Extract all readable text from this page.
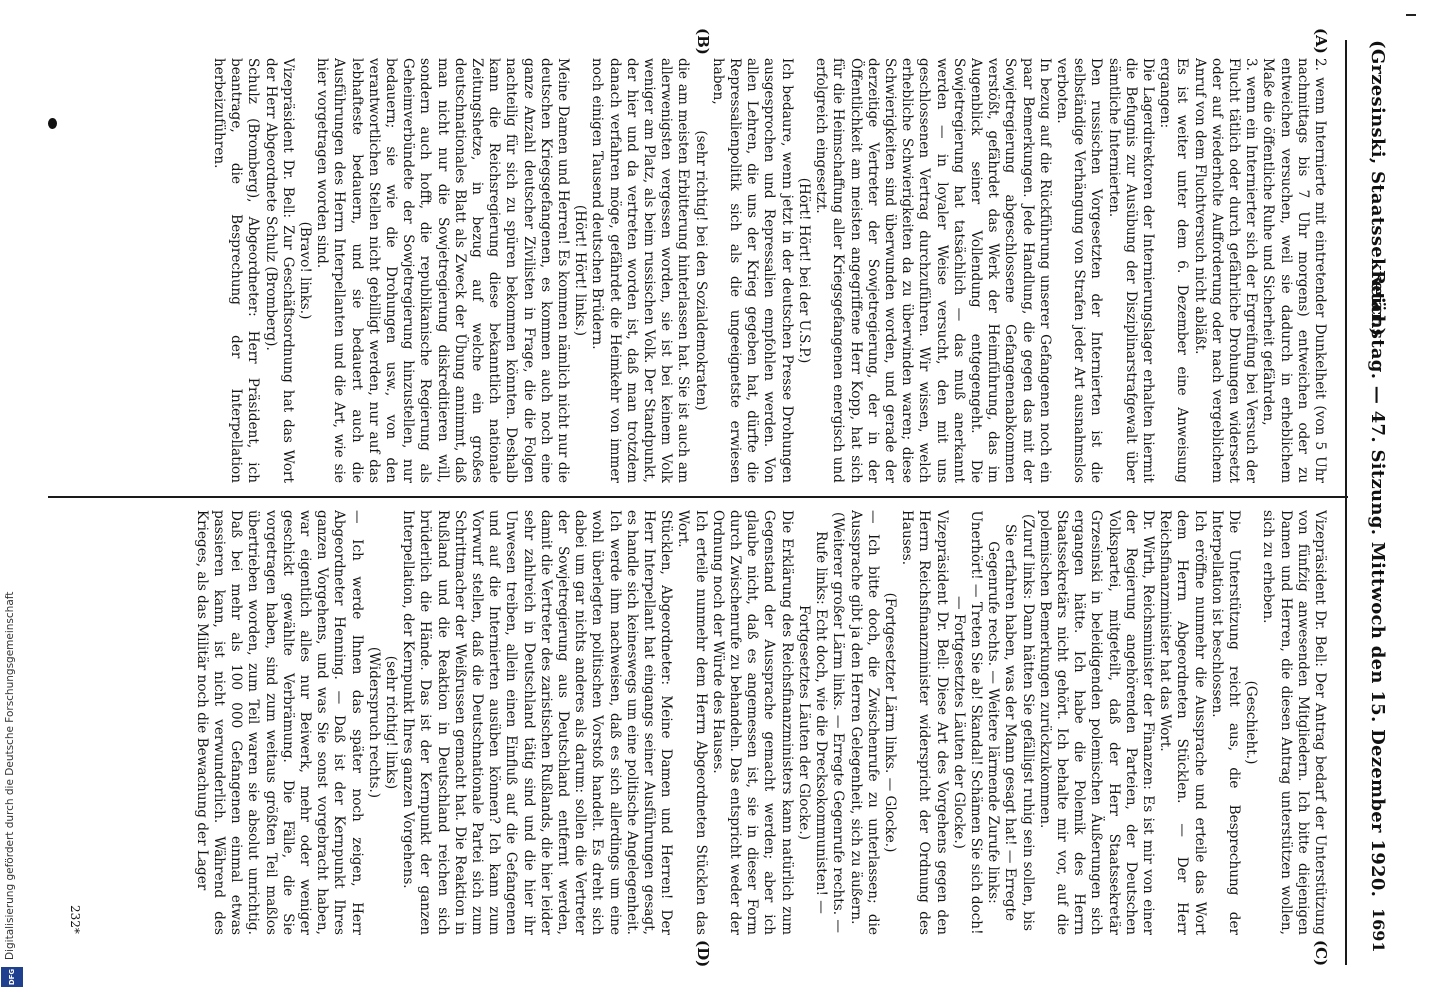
(Grzesinski, Staatssekretär.)
Reichstag. — 47. Sitzung. Mittwoch den 15. Dezember 1920.
1691
(A)
(B)
(C)
(D)

2. wenn Internierte mit eintretender Dunkelheit (von 5 Uhr nachmittags bis 7 Uhr morgens) entweichen oder zu entweichen versuchen, weil sie dadurch in erheblichem Maße die öffentliche Ruhe und Sicherheit gefährden,

3. wenn ein Internierter sich der Ergreifung bei Versuch der Flucht tätlich oder durch gefährliche Drohungen widersetzt oder auf wiederholte Aufforderung oder nach vergeblichem Anruf von dem Fluchtversuch nicht abläßt.

Es ist weiter unter dem 6. Dezember eine Anweisung ergangen:

Die Lagerdirektoren der Internierungslager erhalten hiermit die Befugnis zur Ausübung der Disziplinarstrafgewalt über sämtliche Internierten.

Den russischen Vorgesetzten der Internierten ist die selbständige Verhängung von Strafen jeder Art ausnahmslos verboten.

In bezug auf die Rückführung unserer Gefangenen noch ein paar Bemerkungen. Jede Handlung, die gegen das mit der Sowjetregierung abgeschlossene Gefangenenabkommen verstößt, gefährdet das Werk der Heimführung, das im Augenblick seiner Vollendung entgegengeht. Die Sowjetregierung hat tatsächlich — das muß anerkannt werden — in loyaler Weise versucht, den mit uns geschlossenen Vertrag durchzuführen. Wir wissen, welch erhebliche Schwierigkeiten da zu überwinden waren; diese Schwierigkeiten sind überwunden worden, und gerade der derzeitige Vertreter der Sowjetregierung, der in der Öffentlichkeit am meisten angegriffene Herr Kopp, hat sich für die Heimschaffung aller Kriegsgefangenen energisch und erfolgreich eingesetzt.

(Hört! Hört! bei der U.S.P.)

Ich bedaure, wenn jetzt in der deutschen Presse Drohungen ausgesprochen und Repressalien empfohlen werden. Von allen Lehren, die uns der Krieg gegeben hat, dürfte die Repressalienpolitik sich als die ungeeignetste erwiesen haben,

(sehr richtig! bei den Sozialdemokraten)

die am meisten Erbitterung hinterlassen hat. Sie ist auch am allerwenigsten vergessen worden, sie ist bei keinem Volk weniger am Platz, als beim russischen Volk. Der Standpunkt, der hier und da vertreten worden ist, daß man trotzdem danach verfahren möge, gefährdet die Heimkehr von immer noch einigen Tausend deutschen Brüdern.

(Hört! Hört! links.)

Meine Damen und Herren! Es kommen nämlich nicht nur die deutschen Kriegsgefangenen, es kommen auch noch eine ganze Anzahl deutscher Zivilisten in Frage, die die Folgen nachteilig für sich zu spüren bekommen könnten. Deshalb kann die Reichsregierung diese bekanntlich nationale Zeitungshetze, in bezug auf welche ein großes deutschnationales Blatt als Zweck der Übung annimmt, daß man nicht nur die Sowjetregierung diskreditieren will, sondern auch hofft, die republikanische Regierung als Geheimverbündete der Sowjetregierung hinzustellen, nur bedauern; sie wie die Drohungen usw., von den verantwortlichen Stellen nicht gebilligt werden, nur auf das lebhafteste bedauern, und sie bedauert auch die Ausführungen des Herrn Interpellanten und die Art, wie sie hier vorgetragen worden sind.

(Bravo! links.)

Vizepräsident Dr. Bell: Zur Geschäftsordnung hat das Wort der Herr Abgeordnete Schulz (Bromberg).

Schulz (Bromberg), Abgeordneter: Herr Präsident, ich beantrage, die Besprechung der Interpellation herbeizuführen.

Vizepräsident Dr. Bell: Der Antrag bedarf der Unterstützung von fünfzig anwesenden Mitgliedern. Ich bitte diejenigen Damen und Herren, die diesen Antrag unterstützen wollen, sich zu erheben.

(Geschieht.)

Die Unterstützung reicht aus, die Besprechung der Interpellation ist beschlossen.

Ich eröffne nunmehr die Aussprache und erteile das Wort dem Herrn Abgeordneten Stücklen. — Der Herr Reichsfinanzminister hat das Wort.

Dr. Wirth, Reichsminister der Finanzen: Es ist mir von einer der Regierung angehörenden Parteien, der Deutschen Volkspartei, mitgeteilt, daß der Herr Staatssekretär Grzesinski in beleidigenden polemischen Äußerungen sich ergangen hätte. Ich habe die Polemik des Herrn Staatssekretärs nicht gehört. Ich behalte mir vor, auf die polemischen Bemerkungen zurückzukommen.

(Zuruf links: Dann hätten Sie gefälligst ruhig sein sollen, bis Sie erfahren haben, was der Mann gesagt hat! — Erregte Gegenrufe rechts. — Weitere lärmende Zurufe links: Unerhört! — Treten Sie ab! Skandal! Schämen Sie sich doch! — Fortgesetztes Läuten der Glocke.)

Vizepräsident Dr. Bell: Diese Art des Vorgehens gegen den Herrn Reichsfinanzminister widerspricht der Ordnung des Hauses.

(Fortgesetzter Lärm links. — Glocke.)

— Ich bitte doch, die Zwischenrufe zu unterlassen; die Aussprache gibt ja den Herren Gelegenheit, sich zu äußern.

(Weiterer großer Lärm links. — Erregte Gegenrufe rechts. — Rufe links: Echt doch, wie die Drecksokommunisten! — Fortgesetztes Läuten der Glocke.)

Die Erklärung des Reichsfinanzministers kann natürlich zum Gegenstand der Aussprache gemacht werden; aber ich glaube nicht, daß es angemessen ist, sie in dieser Form durch Zwischenrufe zu behandeln. Das entspricht weder der Ordnung noch der Würde des Hauses.

Ich erteile nunmehr dem Herrn Abgeordneten Stücklen das Wort.

Stücklen, Abgeordneter: Meine Damen und Herren! Der Herr Interpellant hat eingangs seiner Ausführungen gesagt, es handle sich keineswegs um eine politische Angelegenheit. Ich werde ihm nachweisen, daß es sich allerdings um eine wohl überlegten politischen Vorstoß handelt. Es dreht sich dabei um gar nichts anderes als darum: sollen die Vertreter der Sowjetregierung aus Deutschland entfernt werden, damit die Vertreter des zaristischen Rußlands, die hier leider sehr zahlreich in Deutschland tätig sind und die hier ihr Unwesen treiben, allein einen Einfluß auf die Gefangenen und auf die Internierten ausüben können? Ich kann zum Vorwurf stellen, daß die Deutschnationale Partei sich zum Schrittmacher der Weißrussen gemacht hat. Die Reaktion in Rußland und die Reaktion in Deutschland reichen sich brüderlich die Hände. Das ist der Kernpunkt der ganzen Interpellation, der Kernpunkt Ihres ganzen Vorgehens.

(sehr richtig! links)

(Widerspruch rechts.)

— Ich werde Ihnen das später noch zeigen, Herr Abgeordneter Henning. — Daß ist der Kernpunkt Ihres ganzen Vorgehens, und was Sie sonst vorgebracht haben, war eigentlich alles nur Beiwerk, mehr oder weniger geschickt gewählte Verbrämung. Die Fälle, die Sie vorgetragen haben, sind zum weitaus größten Teil maßlos übertrieben worden, zum Teil waren sie absolut unrichtig. Daß bei mehr als 100 000 Gefangenen einmal etwas passieren kann, ist nicht verwunderlich. Während des Krieges, als das Militär noch die Bewachung der Lager

232*
Digitalisierung gefördert durch die Deutsche Forschungsgemeinschaft
DFG
